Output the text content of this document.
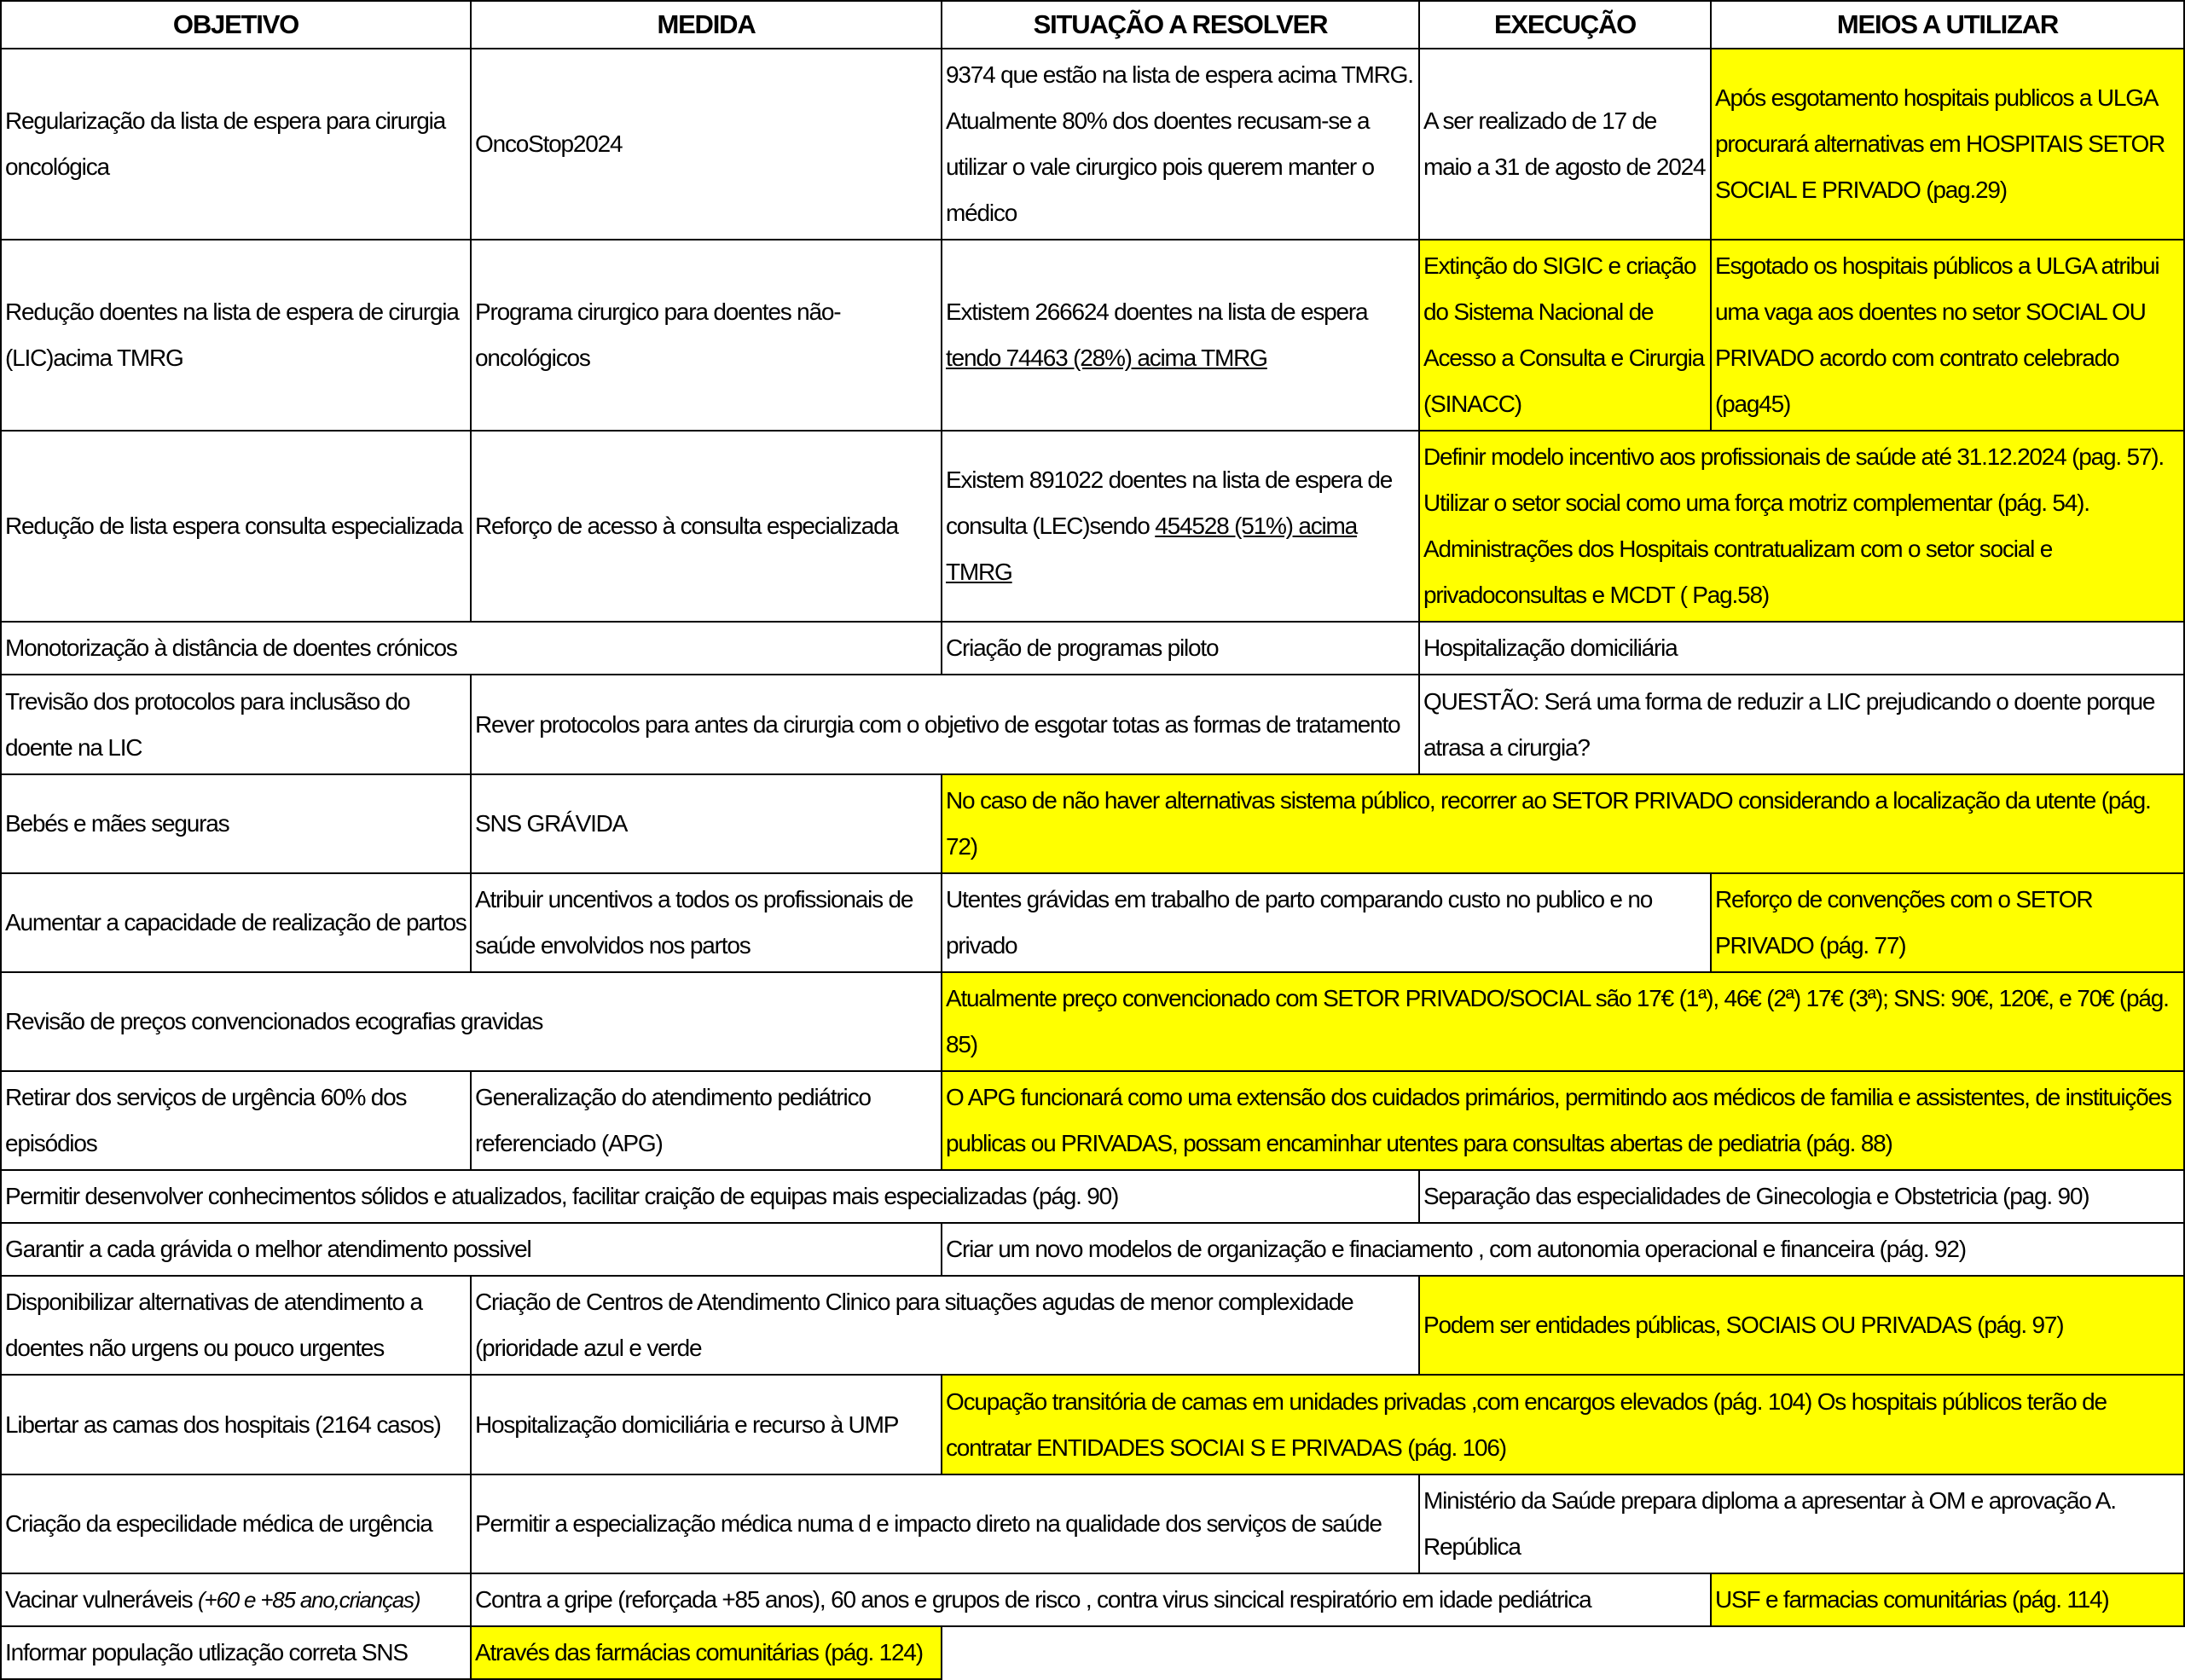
OBJETIVO	MEDIDA	SITUAÇÃO A RESOLVER	EXECUÇÃO	MEIOS A UTILIZAR
Regularização da lista de espera para cirurgia oncológica	OncoStop2024	9374 que estão na lista de espera acima TMRG. Atualmente 80% dos doentes recusam-se a utilizar o vale cirurgico pois querem manter o médico	A ser realizado de 17 de maio a 31 de agosto de 2024	Após esgotamento hospitais publicos a ULGA procurará alternativas em HOSPITAIS SETOR SOCIAL E PRIVADO (pag.29)
Redução doentes na lista de espera de cirurgia (LIC)acima TMRG	Programa cirurgico para doentes não-oncológicos	Extistem 266624 doentes na lista de espera tendo 74463 (28%) acima TMRG	Extinção do SIGIC e criação do Sistema Nacional de Acesso a Consulta e Cirurgia (SINACC)	Esgotado os hospitais públicos a ULGA atribui uma vaga aos doentes no setor SOCIAL OU PRIVADO acordo com contrato celebrado (pag45)
Redução de lista espera consulta especializada	Reforço de acesso à consulta especializada	Existem 891022 doentes na lista de espera de consulta (LEC)sendo 454528 (51%) acima TMRG	Definir modelo incentivo aos profissionais de saúde até 31.12.2024 (pag. 57). Utilizar o setor social como uma força motriz complementar (pág. 54). Administrações dos Hospitais contratualizam com o setor social e privadoconsultas e MCDT ( Pag.58)	
Monotorização à distância de doentes crónicos		Criação de programas piloto	Hospitalização domiciliária	
Trevisão dos protocolos para inclusãso do doente na LIC	Rever protocolos para antes da cirurgia com o objetivo de esgotar totas as formas de tratamento		QUESTÃO: Será uma forma de reduzir a LIC prejudicando o doente porque atrasa a cirurgia?	
Bebés e mães seguras	SNS GRÁVIDA	No caso de não haver alternativas sistema público, recorrer ao SETOR PRIVADO considerando a localização da utente (pág. 72)		
Aumentar a capacidade de realização de partos	Atribuir uncentivos a todos os profissionais de saúde envolvidos nos partos	Utentes grávidas em trabalho de parto comparando custo no publico e no privado		Reforço de convenções com o SETOR PRIVADO (pág. 77)
Revisão de preços convencionados ecografias gravidas		Atualmente preço convencionado com SETOR PRIVADO/SOCIAL são 17€ (1ª), 46€ (2ª) 17€ (3ª); SNS: 90€, 120€, e 70€ (pág. 85)		
Retirar dos serviços de urgência 60% dos episódios	Generalização do atendimento pediátrico referenciado (APG)	O APG funcionará como uma extensão dos cuidados primários, permitindo aos médicos de familia e assistentes, de instituições publicas ou PRIVADAS, possam encaminhar utentes para consultas abertas de pediatria (pág. 88)		
Permitir desenvolver conhecimentos sólidos e atualizados, facilitar craição de equipas mais especializadas (pág. 90)			Separação das especialidades de Ginecologia e Obstetricia (pag. 90)	
Garantir a cada grávida o melhor atendimento possivel		Criar um novo modelos de organização e finaciamento , com autonomia operacional e financeira (pág. 92)		
Disponibilizar alternativas de atendimento a doentes não urgens ou pouco urgentes	Criação de Centros de Atendimento Clinico para situações agudas de menor complexidade (prioridade azul e verde		Podem ser entidades públicas, SOCIAIS OU PRIVADAS (pág. 97)	
Libertar as camas dos hospitais (2164 casos)	Hospitalização domiciliária e recurso à UMP	Ocupação transitória de camas em unidades privadas ,com encargos elevados (pág. 104) Os hospitais públicos terão de contratar ENTIDADES SOCIAI S E PRIVADAS (pág. 106)		
Criação da especilidade médica de urgência	Permitir a especialização médica numa d e impacto direto na qualidade dos serviços de saúde		Ministério da Saúde prepara diploma a apresentar à OM e aprovação A. República	
Vacinar vulneráveis (+60 e +85 ano,crianças)	Contra a gripe (reforçada +85 anos), 60 anos e grupos de risco , contra virus sincical respiratório em idade pediátrica			USF e farmacias comunitárias (pág. 114)
Informar população utlização correta SNS	Através das farmácias comunitárias (pág. 124)			
